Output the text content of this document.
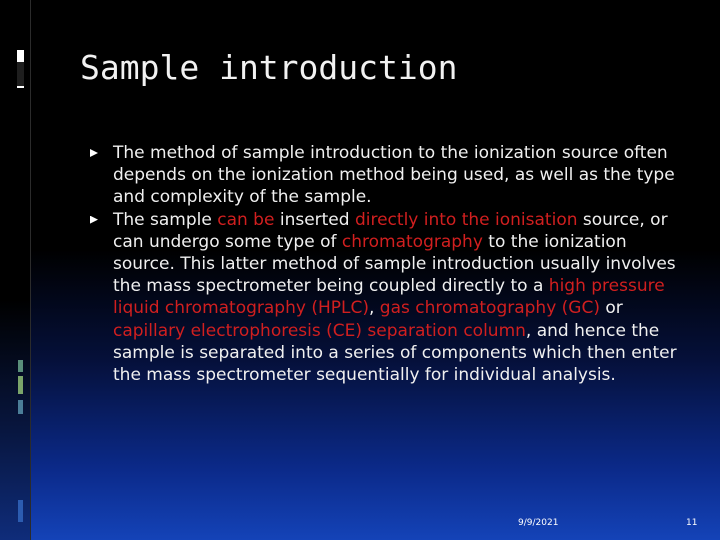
Sample introduction
The method of sample introduction to the ionization source often depends on the ionization method being used, as well as the type and complexity of the sample.
The sample can be inserted directly into the ionisation source, or can undergo some type of chromatography to the ionization source. This latter method of sample introduction usually involves the mass spectrometer being coupled directly to a high pressure liquid chromatography (HPLC), gas chromatography (GC) or capillary electrophoresis (CE) separation column, and hence the sample is separated into a series of components which then enter the mass spectrometer sequentially for individual analysis.
9/9/2021	11
